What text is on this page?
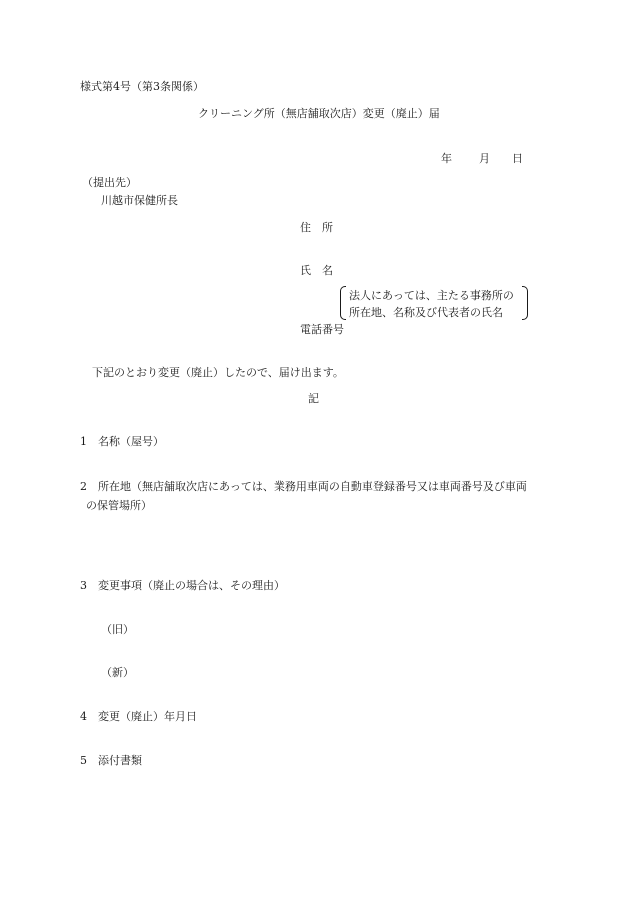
様式第4号（第3条関係）
クリーニング所（無店舗取次店）変更（廃止）届
年 月 日
（提出先）
川越市保健所長
住　所
氏　名
法人にあっては、主たる事務所の
所在地、名称及び代表者の氏名
電話番号
下記のとおり変更（廃止）したので、届け出ます。
記
1　名称（屋号）
2　所在地（無店舗取次店にあっては、業務用車両の自動車登録番号又は車両番号及び車両
の保管場所）
3　変更事項（廃止の場合は、その理由）
（旧）
（新）
4　変更（廃止）年月日
5　添付書類
